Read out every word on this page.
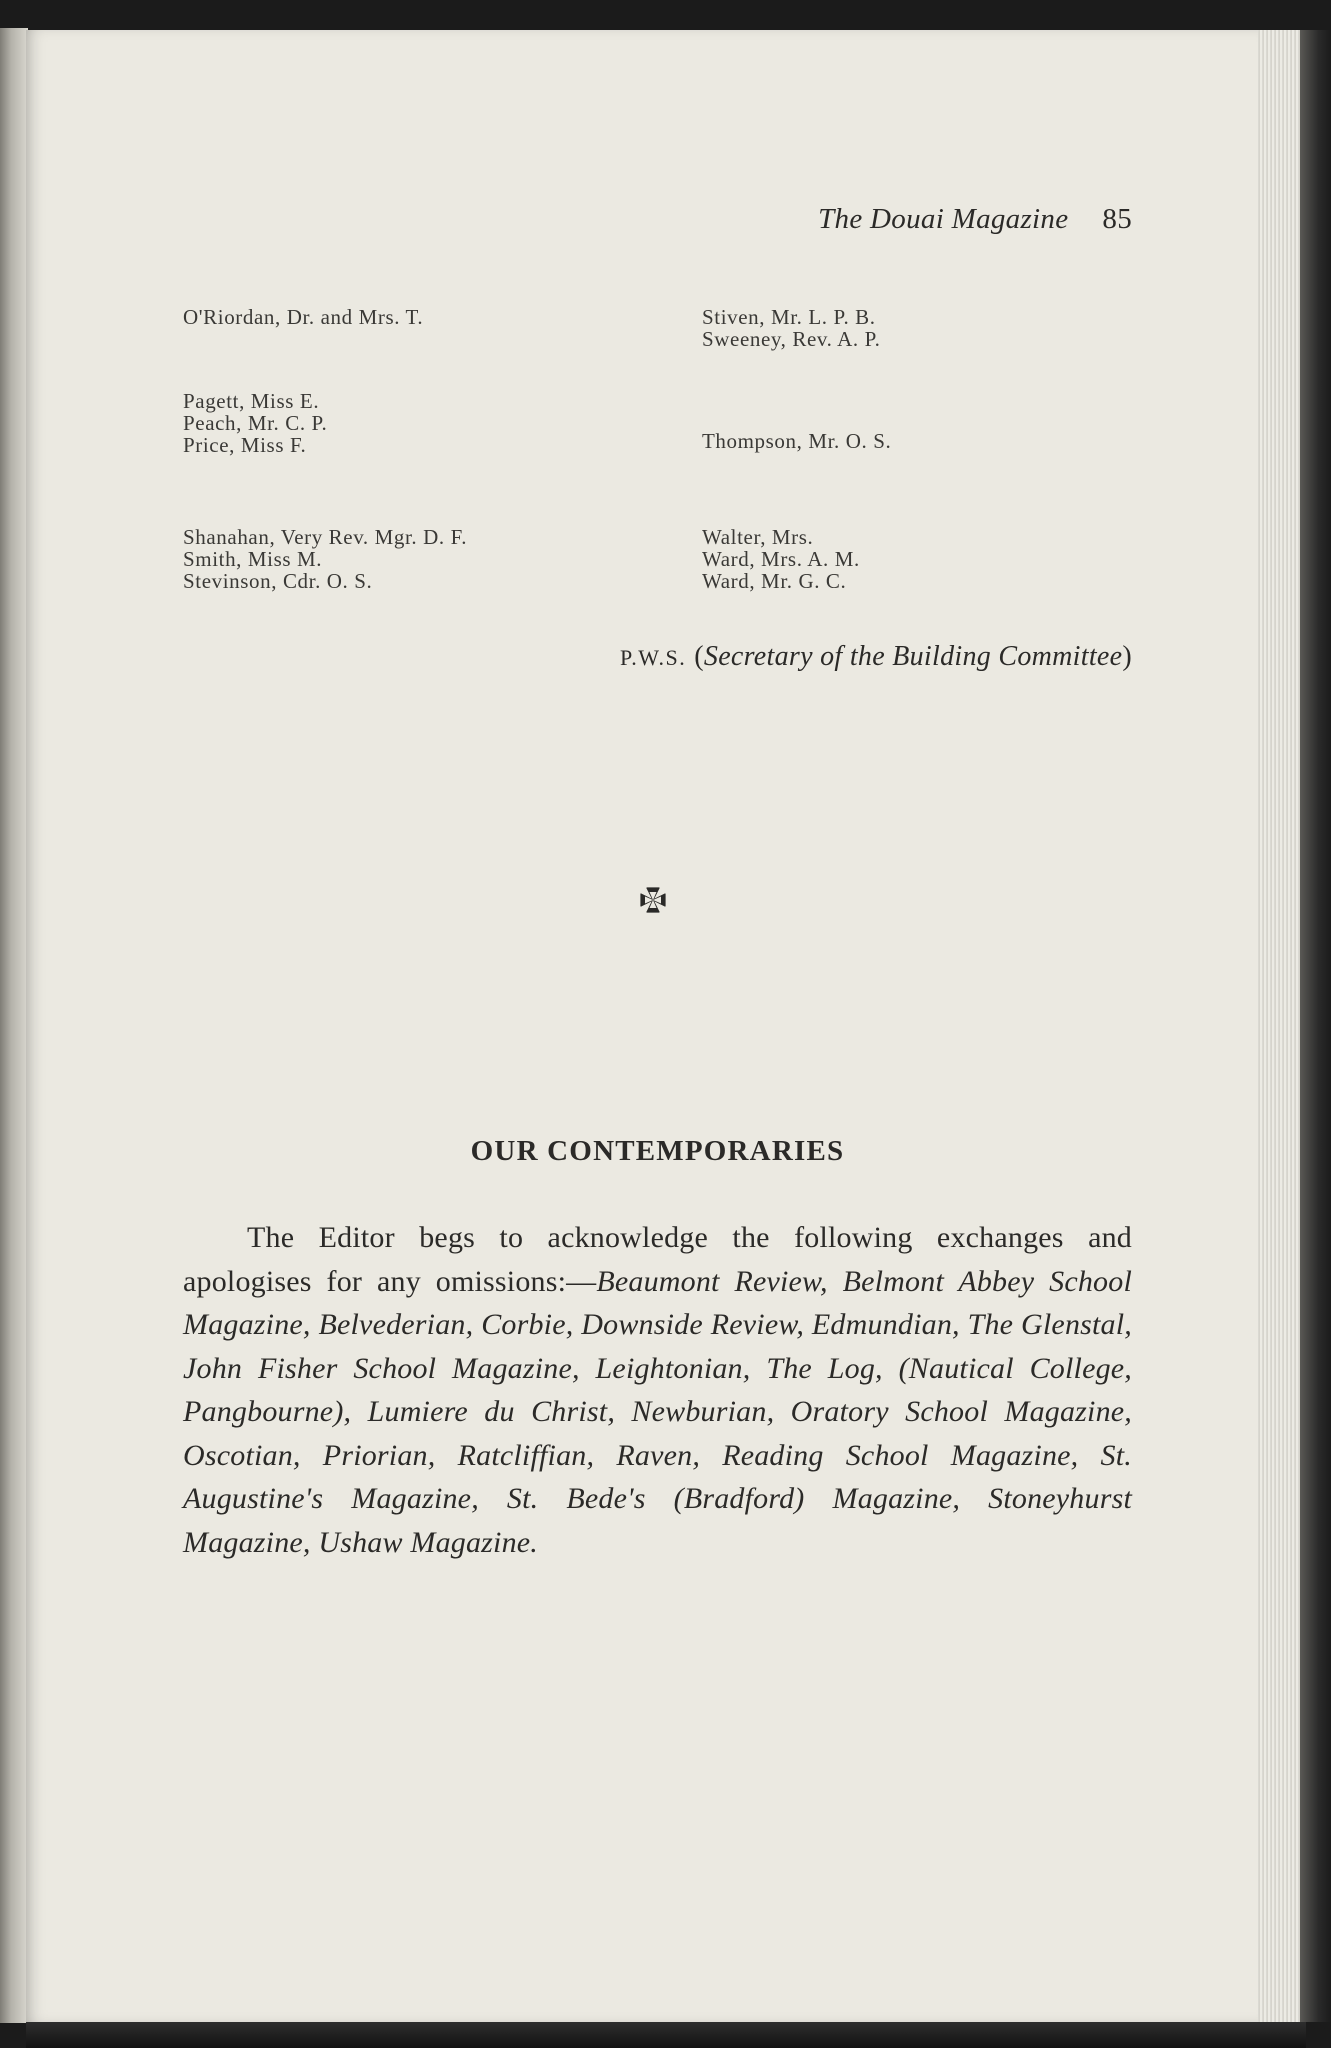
The Douai Magazine 85
O'Riordan, Dr. and Mrs. T.
Pagett, Miss E.
Peach, Mr. C. P.
Price, Miss F.
Shanahan, Very Rev. Mgr. D. F.
Smith, Miss M.
Stevinson, Cdr. O. S.
Stiven, Mr. L. P. B.
Sweeney, Rev. A. P.
Thompson, Mr. O. S.
Walter, Mrs.
Ward, Mrs. A. M.
Ward, Mr. G. C.
P.W.S. (Secretary of the Building Committee)
OUR CONTEMPORARIES
The Editor begs to acknowledge the following exchanges and apologises for any omissions:—Beaumont Review, Belmont Abbey School Magazine, Belvederian, Corbie, Downside Review, Edmundian, The Glenstal, John Fisher School Magazine, Leightonian, The Log, (Nautical College, Pangbourne), Lumiere du Christ, Newburian, Oratory School Magazine, Oscotian, Priorian, Ratcliffian, Raven, Reading School Magazine, St. Augustine's Magazine, St. Bede's (Bradford) Magazine, Stoneyhurst Magazine, Ushaw Magazine.
